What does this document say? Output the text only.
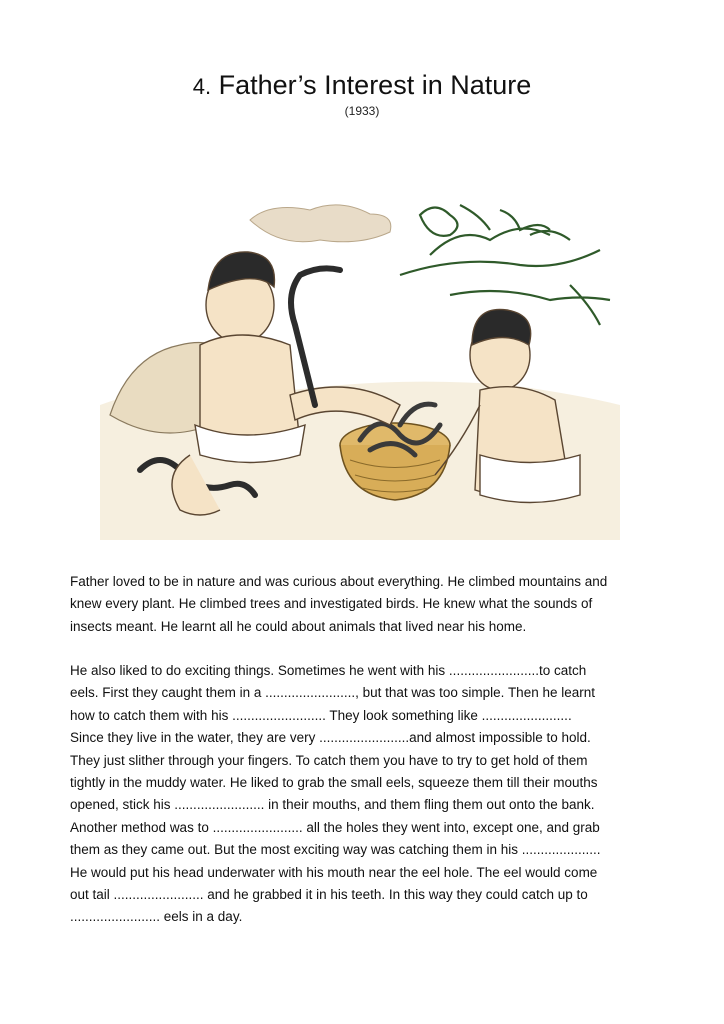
4. Father’s Interest in Nature
(1933)
Father loved to be in nature and was curious about everything. He climbed mountains and
knew every plant. He climbed trees and investigated birds. He knew what the sounds of
insects meant. He learnt all he could about animals that lived near his home.
He also liked to do exciting things. Sometimes he went with his ........................to catch
eels. First they caught them in a ........................, but that was too simple. Then he learnt
how to catch them with his ......................... They look something like ........................
Since they live in the water, they are very ........................and almost impossible to hold.
They just slither through your fingers. To catch them you have to try to get hold of them
tightly in the muddy water. He liked to grab the small eels, squeeze them till their mouths
opened, stick his ........................ in their mouths, and them fling them out onto the bank.
Another method was to ........................ all the holes they went into, except one, and grab
them as they came out. But the most exciting way was catching them in his .....................
He would put his head underwater with his mouth near the eel hole. The eel would come
out tail ........................ and he grabbed it in his teeth. In this way they could catch up to
........................ eels in a day.
